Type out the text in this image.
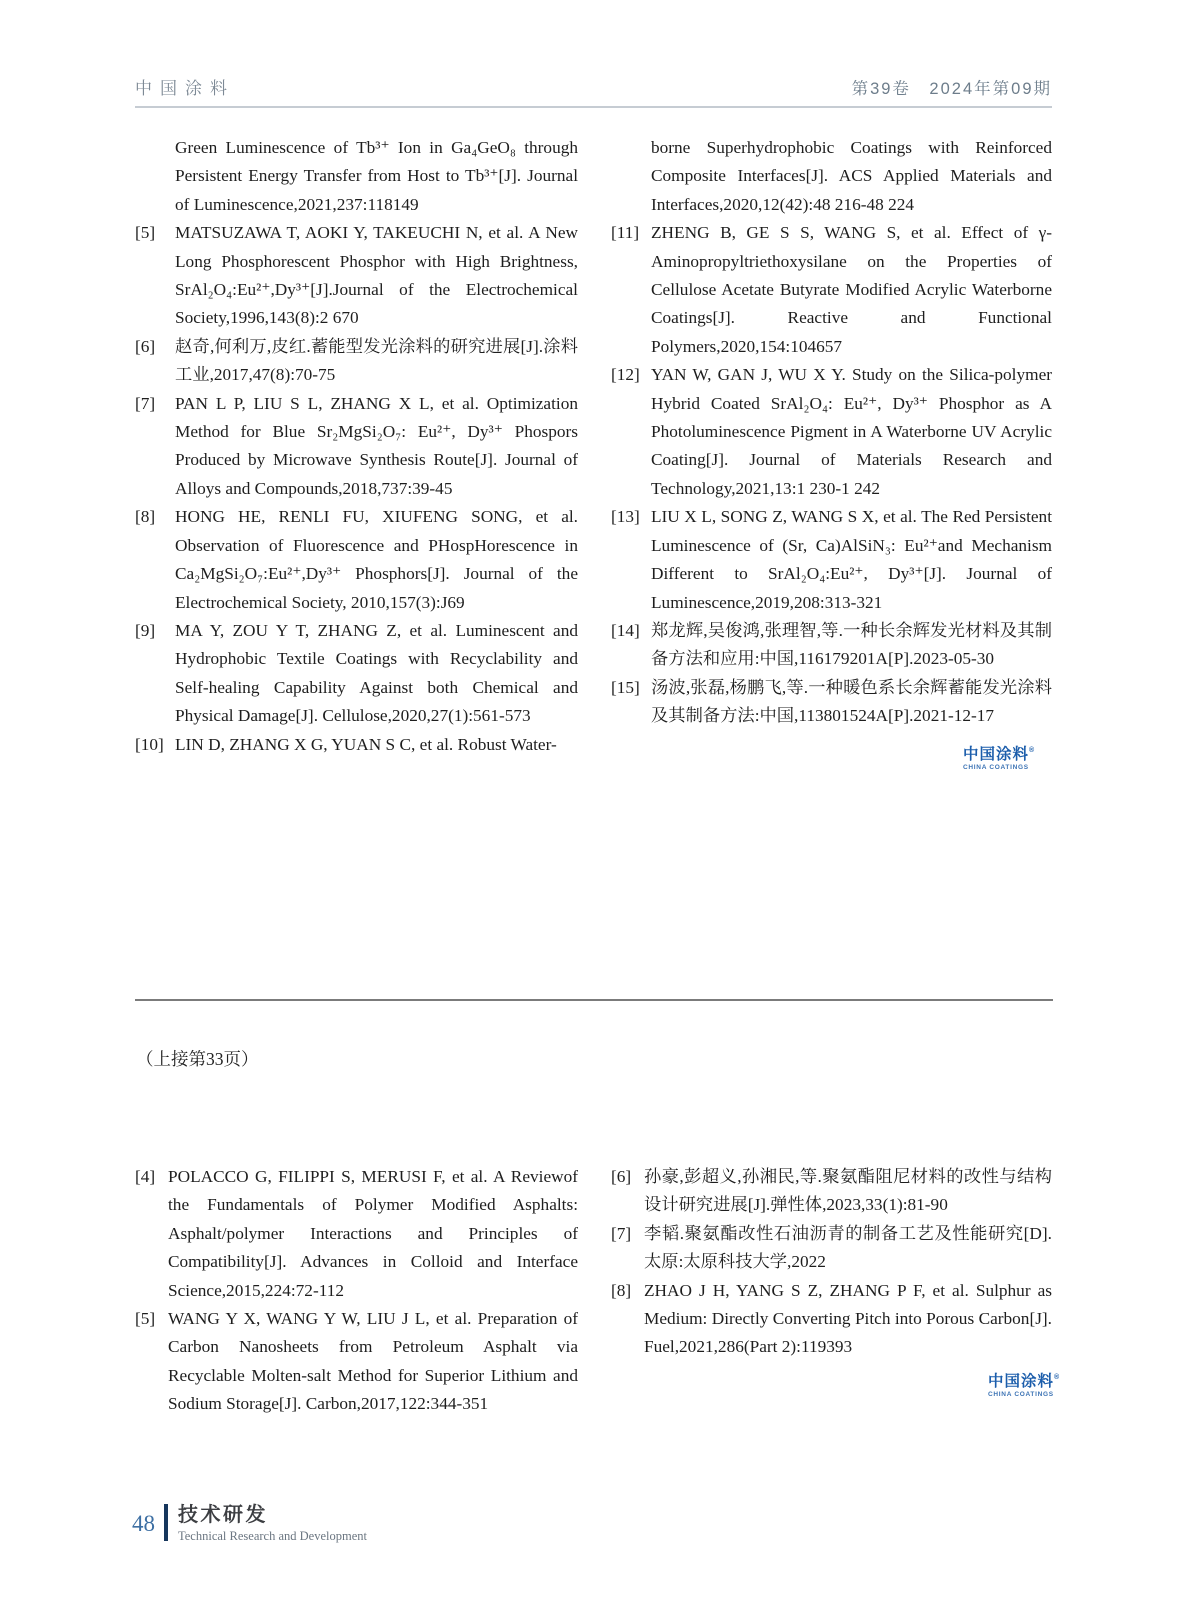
中国涂料	第39卷　2024年第09期

Green Luminescence of Tb³⁺ Ion in Ga₄GeO₈ through Persistent Energy Transfer from Host to Tb³⁺[J]. Journal of Luminescence,2021,237:118149

[5] MATSUZAWA T, AOKI Y, TAKEUCHI N, et al. A New Long Phosphorescent Phosphor with High Brightness, SrAl₂O₄:Eu²⁺,Dy³⁺[J].Journal of the Electrochemical Society,1996,143(8):2 670

[6] 赵奇,何利万,皮红.蓄能型发光涂料的研究进展[J].涂料工业,2017,47(8):70-75

[7] PAN L P, LIU S L, ZHANG X L, et al. Optimization Method for Blue Sr₂MgSi₂O₇: Eu²⁺, Dy³⁺ Phospors Produced by Microwave Synthesis Route[J]. Journal of Alloys and Compounds,2018,737:39-45

[8] HONG HE, RENLI FU, XIUFENG SONG, et al. Observation of Fluorescence and PHospHorescence in Ca₂MgSi₂O₇:Eu²⁺,Dy³⁺ Phosphors[J]. Journal of the Electrochemical Society, 2010,157(3):J69

[9] MA Y, ZOU Y T, ZHANG Z, et al. Luminescent and Hydrophobic Textile Coatings with Recyclability and Self-healing Capability Against both Chemical and Physical Damage[J]. Cellulose,2020,27(1):561-573

[10] LIN D, ZHANG X G, YUAN S C, et al. Robust Water-

borne Superhydrophobic Coatings with Reinforced Composite Interfaces[J]. ACS Applied Materials and Interfaces,2020,12(42):48 216-48 224

[11] ZHENG B, GE S S, WANG S, et al. Effect of γ-Aminopropyltriethoxysilane on the Properties of Cellulose Acetate Butyrate Modified Acrylic Waterborne Coatings[J]. Reactive and Functional Polymers,2020,154:104657

[12] YAN W, GAN J, WU X Y. Study on the Silica-polymer Hybrid Coated SrAl₂O₄: Eu²⁺, Dy³⁺ Phosphor as A Photoluminescence Pigment in A Waterborne UV Acrylic Coating[J]. Journal of Materials Research and Technology,2021,13:1 230-1 242

[13] LIU X L, SONG Z, WANG S X, et al. The Red Persistent Luminescence of (Sr, Ca)AlSiN₃: Eu²⁺and Mechanism Different to SrAl₂O₄:Eu²⁺, Dy³⁺[J]. Journal of Luminescence,2019,208:313-321

[14] 郑龙辉,吴俊鸿,张理智,等.一种长余辉发光材料及其制备方法和应用:中国,116179201A[P].2023-05-30

[15] 汤波,张磊,杨鹏飞,等.一种暖色系长余辉蓄能发光涂料及其制备方法:中国,113801524A[P].2021-12-17

中国涂料®
CHINA COATINGS

（上接第33页）

[4] POLACCO G, FILIPPI S, MERUSI F, et al. A Reviewof the Fundamentals of Polymer Modified Asphalts: Asphalt/polymer Interactions and Principles of Compatibility[J]. Advances in Colloid and Interface Science,2015,224:72-112

[5] WANG Y X, WANG Y W, LIU J L, et al. Preparation of Carbon Nanosheets from Petroleum Asphalt via Recyclable Molten-salt Method for Superior Lithium and Sodium Storage[J]. Carbon,2017,122:344-351

[6] 孙豪,彭超义,孙湘民,等.聚氨酯阻尼材料的改性与结构设计研究进展[J].弹性体,2023,33(1):81-90

[7] 李韬.聚氨酯改性石油沥青的制备工艺及性能研究[D].太原:太原科技大学,2022

[8] ZHAO J H, YANG S Z, ZHANG P F, et al. Sulphur as Medium: Directly Converting Pitch into Porous Carbon[J]. Fuel,2021,286(Part 2):119393

中国涂料®
CHINA COATINGS
48 技术研发
Technical Research and Development
